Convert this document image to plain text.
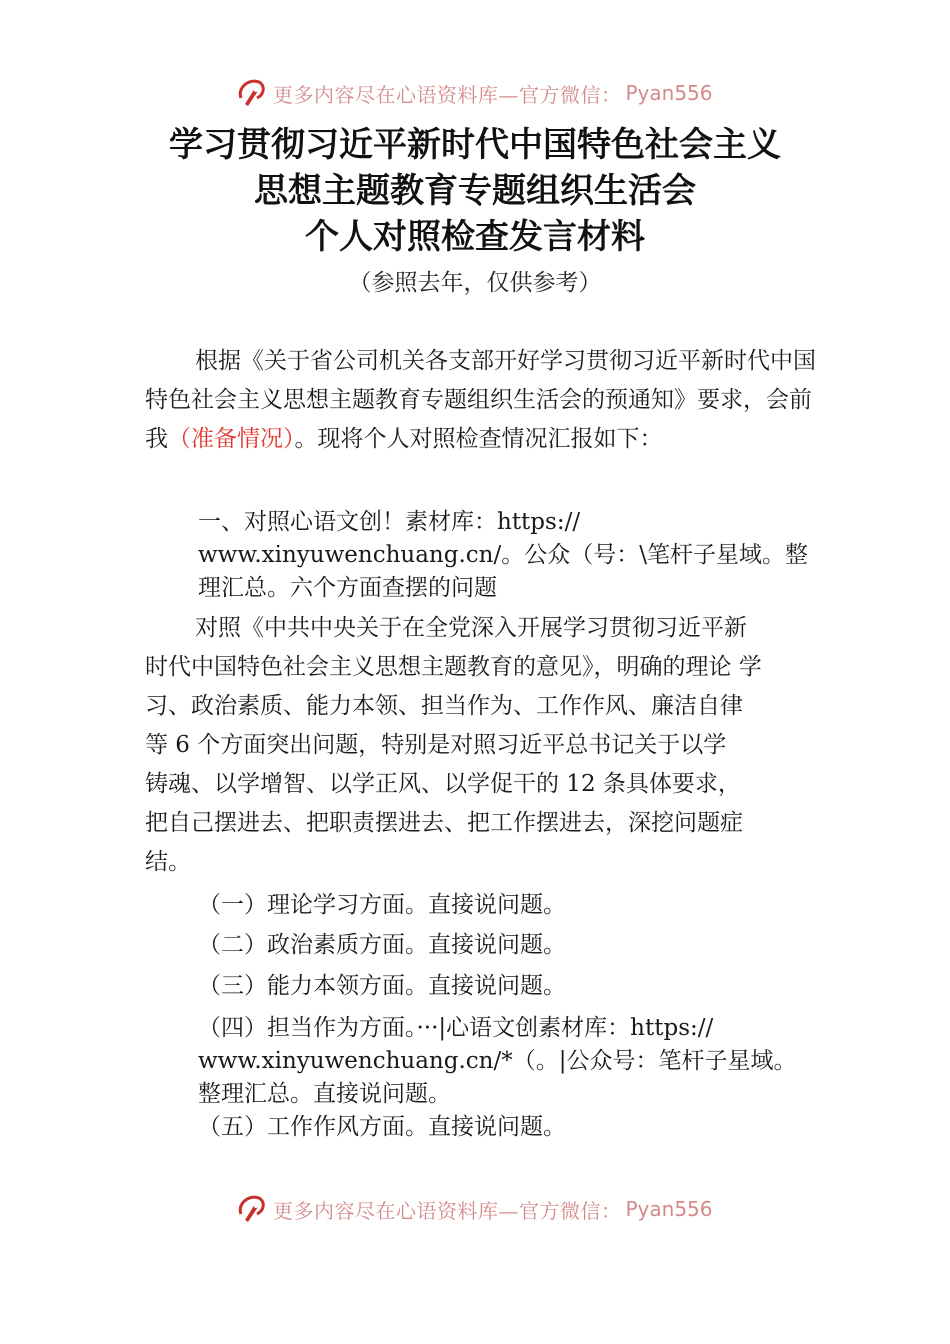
更多内容尽在心语资料库—官方微信： Pyan556
学习贯彻习近平新时代中国特色社会主义
思想主题教育专题组织生活会
个人对照检查发言材料
（参照去年，仅供参考）

根据《关于省公司机关各支部开好学习贯彻习近平新时代中国特色社会主义思想主题教育专题组织生活会的预通知》要求，会前我（准备情况）。现将个人对照检查情况汇报如下：

一、对照心语文创！素材库：https://
www.xinyuwenchuang.cn/。公众（号：\笔杆子星域。整
理汇总。六个方面查摆的问题
对照《中共中央关于在全党深入开展学习贯彻习近平新
时代中国特色社会主义思想主题教育的意见》，明确的理论 学
习、政治素质、能力本领、担当作为、工作作风、廉洁自律
等 6 个方面突出问题，特别是对照习近平总书记关于以学
铸魂、以学增智、以学正风、以学促干的 12 条具体要求，
把自己摆进去、把职责摆进去、把工作摆进去，深挖问题症
结。
（一）理论学习方面。直接说问题。
（二）政治素质方面。直接说问题。
（三）能力本领方面。直接说问题。
（四）担当作为方面。···|心语文创素材库：https://
www.xinyuwenchuang.cn/*（。|公众号：笔杆子星域。
整理汇总。直接说问题。
（五）工作作风方面。直接说问题。
更多内容尽在心语资料库—官方微信： Pyan556
